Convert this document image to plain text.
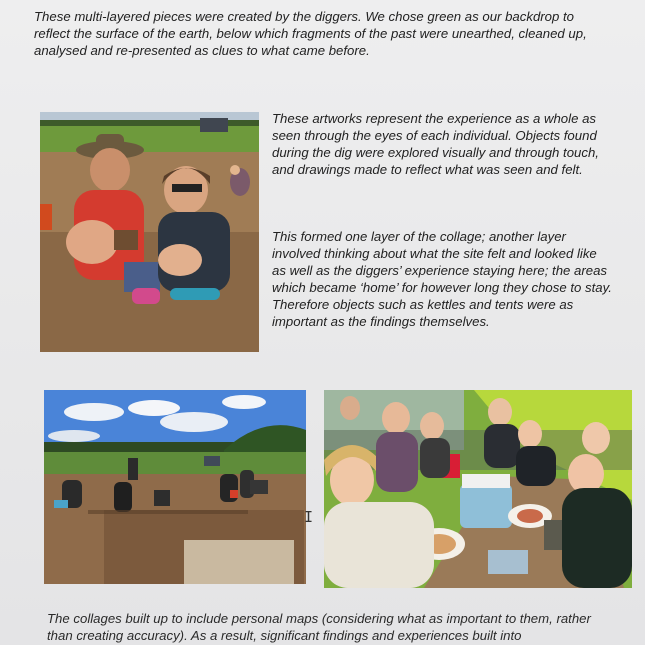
These multi-layered pieces were created by the diggers. We chose green as our backdrop to reflect the surface of the earth, below which fragments of the past were unearthed, cleaned up, analysed and re-presented as clues to what came before.

These artworks represent the experience as a whole as seen through the eyes of each individual. Objects found during the dig were explored visually and through touch, and drawings made to reflect what was seen and felt.

This formed one layer of the collage; another layer involved thinking about what the site felt and looked like as well as the diggers’ experience staying here; the areas which became ‘home’ for however long they chose to stay. Therefore objects such as kettles and tents were as important as the findings themselves.

I

The collages built up to include personal maps (considering what as important to them, rather than creating accuracy). As a result, significant findings and experiences built into
